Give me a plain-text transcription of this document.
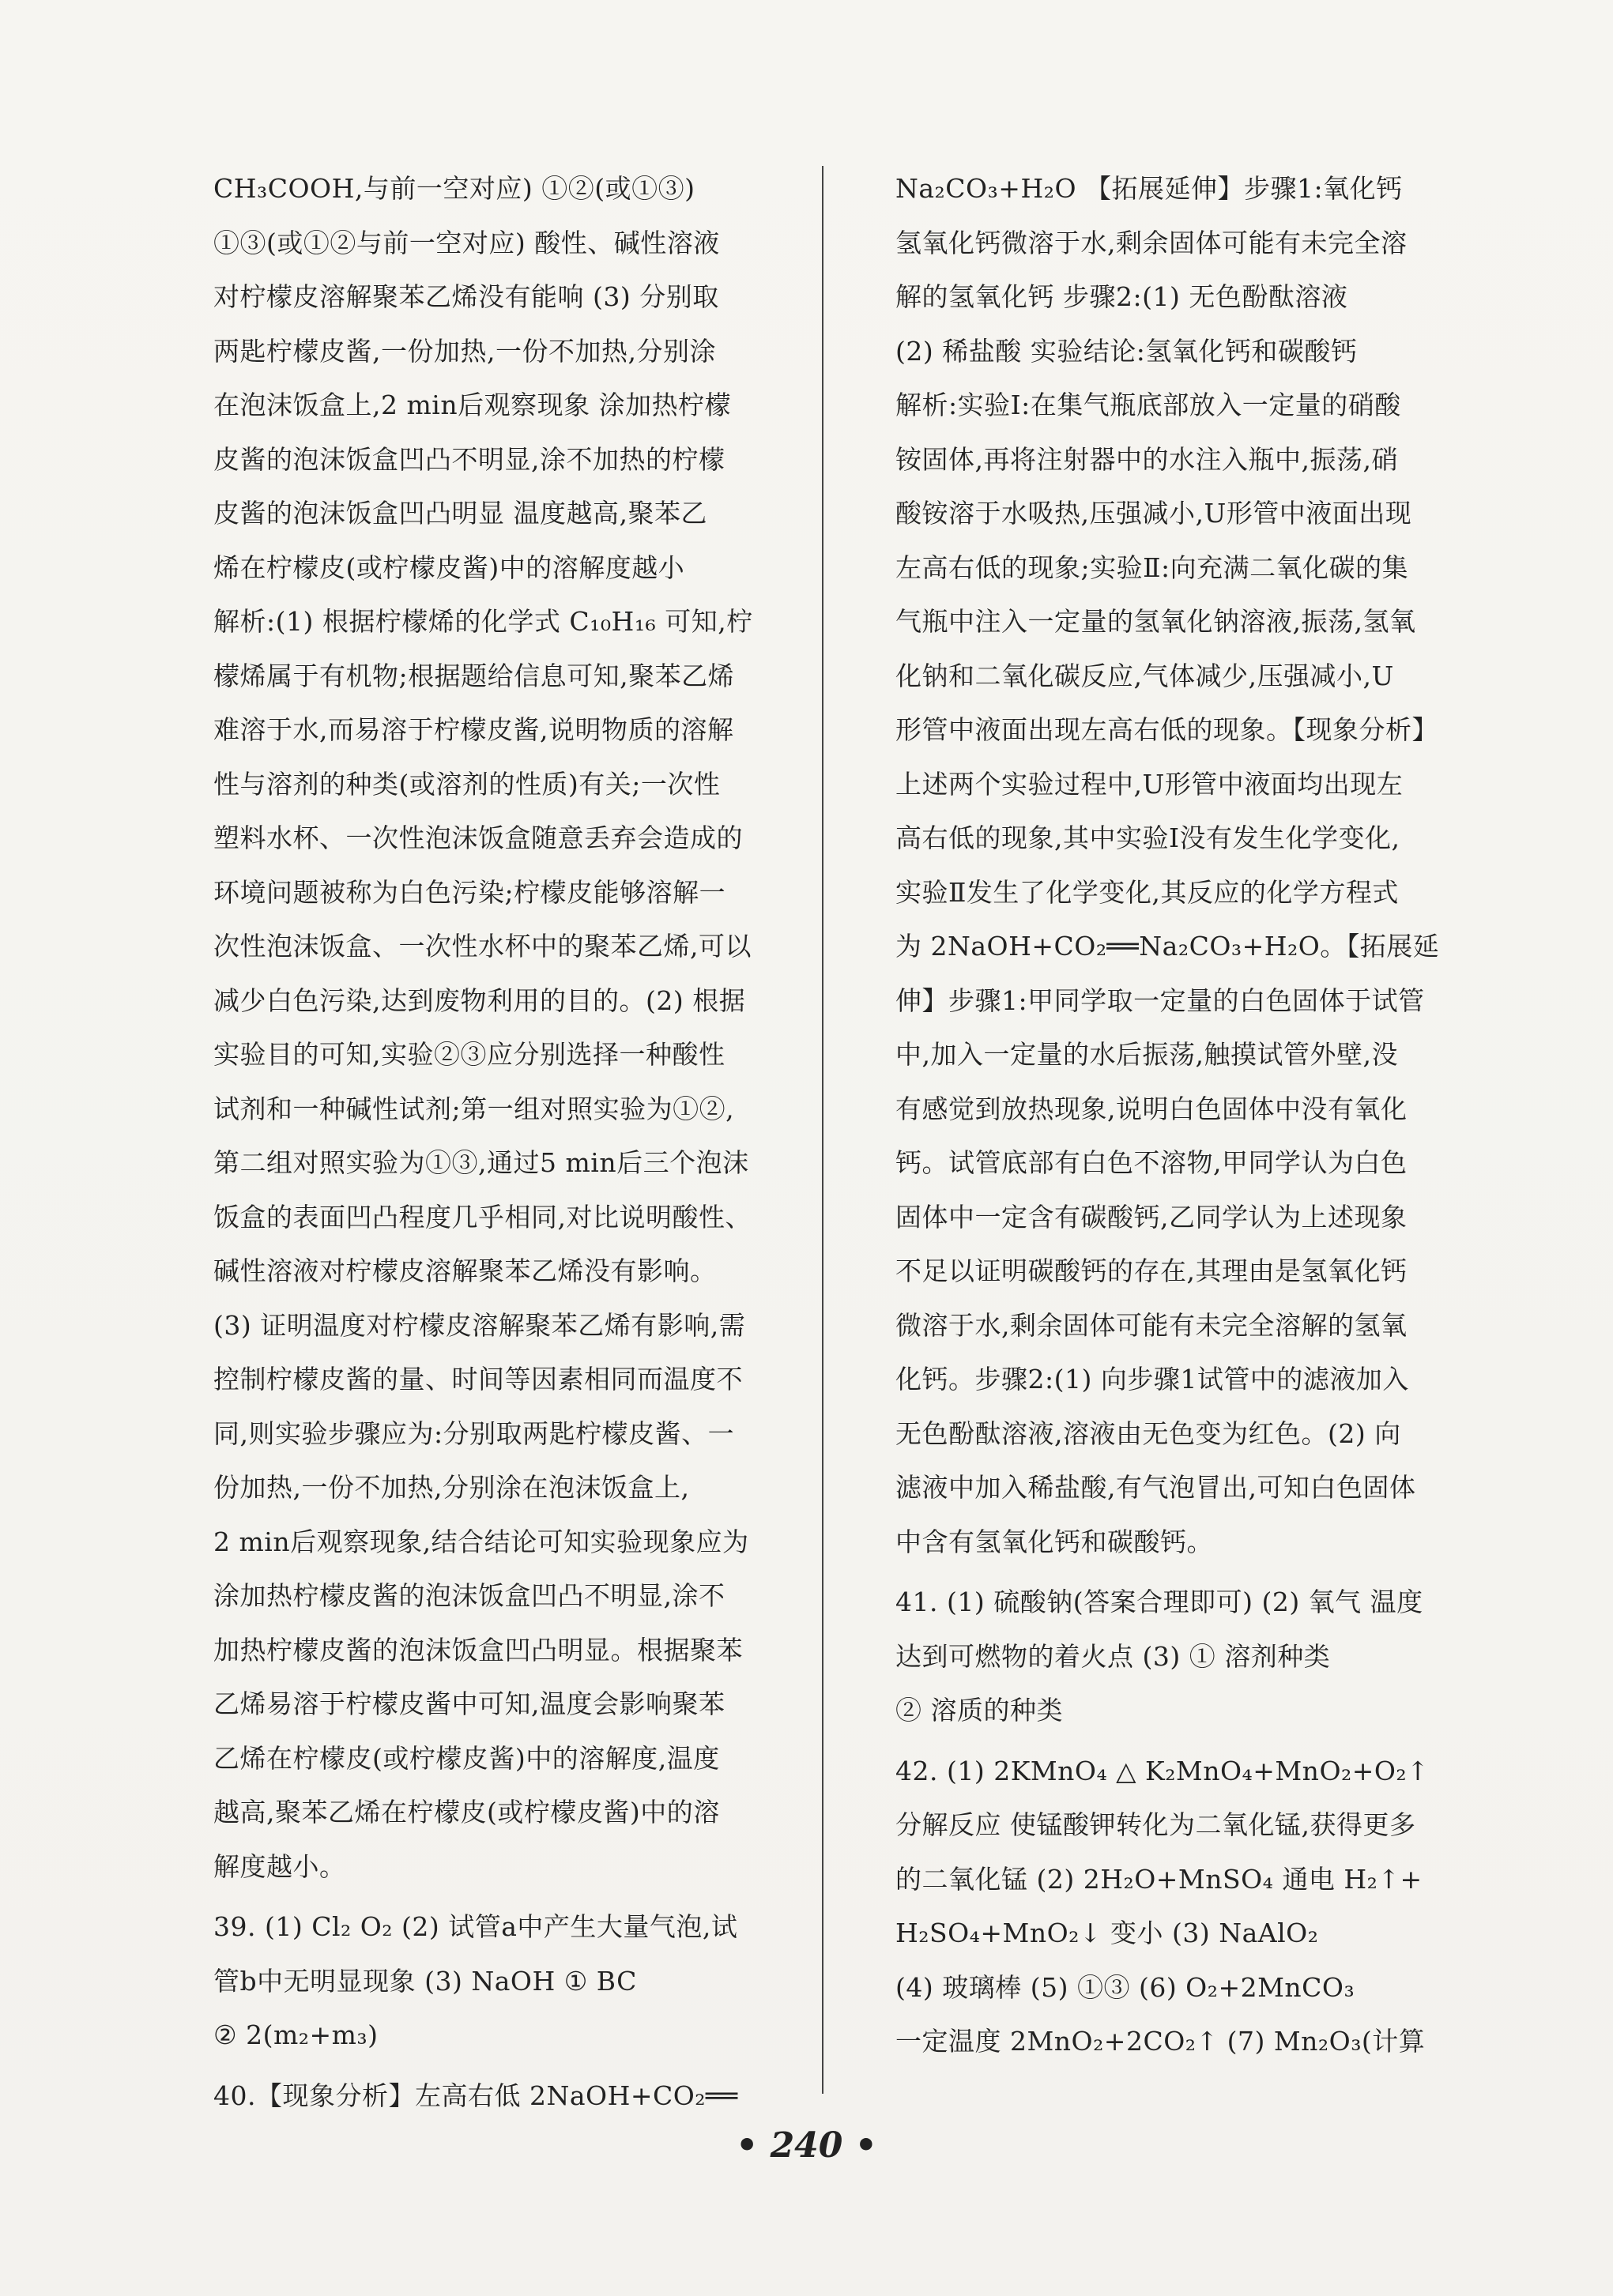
CH₃COOH,与前一空对应) ①②(或①③)

①③(或①②与前一空对应) 酸性、碱性溶液

对柠檬皮溶解聚苯乙烯没有能响 (3) 分别取

两匙柠檬皮酱,一份加热,一份不加热,分别涂

在泡沫饭盒上,2 min后观察现象 涂加热柠檬

皮酱的泡沫饭盒凹凸不明显,涂不加热的柠檬

皮酱的泡沫饭盒凹凸明显 温度越高,聚苯乙

烯在柠檬皮(或柠檬皮酱)中的溶解度越小

解析:(1) 根据柠檬烯的化学式 C₁₀H₁₆ 可知,柠

檬烯属于有机物;根据题给信息可知,聚苯乙烯

难溶于水,而易溶于柠檬皮酱,说明物质的溶解

性与溶剂的种类(或溶剂的性质)有关;一次性

塑料水杯、一次性泡沫饭盒随意丢弃会造成的

环境问题被称为白色污染;柠檬皮能够溶解一

次性泡沫饭盒、一次性水杯中的聚苯乙烯,可以

减少白色污染,达到废物利用的目的。(2) 根据

实验目的可知,实验②③应分别选择一种酸性

试剂和一种碱性试剂;第一组对照实验为①②,

第二组对照实验为①③,通过5 min后三个泡沫

饭盒的表面凹凸程度几乎相同,对比说明酸性、

碱性溶液对柠檬皮溶解聚苯乙烯没有影响。

(3) 证明温度对柠檬皮溶解聚苯乙烯有影响,需

控制柠檬皮酱的量、时间等因素相同而温度不

同,则实验步骤应为:分别取两匙柠檬皮酱、一

份加热,一份不加热,分别涂在泡沫饭盒上,

2 min后观察现象,结合结论可知实验现象应为

涂加热柠檬皮酱的泡沫饭盒凹凸不明显,涂不

加热柠檬皮酱的泡沫饭盒凹凸明显。根据聚苯

乙烯易溶于柠檬皮酱中可知,温度会影响聚苯

乙烯在柠檬皮(或柠檬皮酱)中的溶解度,温度

越高,聚苯乙烯在柠檬皮(或柠檬皮酱)中的溶

解度越小。

39. (1) Cl₂ O₂ (2) 试管a中产生大量气泡,试

管b中无明显现象 (3) NaOH ① BC

② 2(m₂+m₃)

40.【现象分析】左高右低 2NaOH+CO₂══

Na₂CO₃+H₂O 【拓展延伸】步骤1:氧化钙

氢氧化钙微溶于水,剩余固体可能有未完全溶

解的氢氧化钙 步骤2:(1) 无色酚酞溶液

(2) 稀盐酸 实验结论:氢氧化钙和碳酸钙

解析:实验Ⅰ:在集气瓶底部放入一定量的硝酸

铵固体,再将注射器中的水注入瓶中,振荡,硝

酸铵溶于水吸热,压强减小,U形管中液面出现

左高右低的现象;实验Ⅱ:向充满二氧化碳的集

气瓶中注入一定量的氢氧化钠溶液,振荡,氢氧

化钠和二氧化碳反应,气体减少,压强减小,U

形管中液面出现左高右低的现象。【现象分析】

上述两个实验过程中,U形管中液面均出现左

高右低的现象,其中实验Ⅰ没有发生化学变化,

实验Ⅱ发生了化学变化,其反应的化学方程式

为 2NaOH+CO₂══Na₂CO₃+H₂O。【拓展延

伸】步骤1:甲同学取一定量的白色固体于试管

中,加入一定量的水后振荡,触摸试管外壁,没

有感觉到放热现象,说明白色固体中没有氧化

钙。试管底部有白色不溶物,甲同学认为白色

固体中一定含有碳酸钙,乙同学认为上述现象

不足以证明碳酸钙的存在,其理由是氢氧化钙

微溶于水,剩余固体可能有未完全溶解的氢氧

化钙。步骤2:(1) 向步骤1试管中的滤液加入

无色酚酞溶液,溶液由无色变为红色。(2) 向

滤液中加入稀盐酸,有气泡冒出,可知白色固体

中含有氢氧化钙和碳酸钙。

41. (1) 硫酸钠(答案合理即可) (2) 氧气 温度

达到可燃物的着火点 (3) ① 溶剂种类

② 溶质的种类

42. (1) 2KMnO₄ △ K₂MnO₄+MnO₂+O₂↑

分解反应 使锰酸钾转化为二氧化锰,获得更多

的二氧化锰 (2) 2H₂O+MnSO₄ 通电 H₂↑+

H₂SO₄+MnO₂↓ 变小 (3) NaAlO₂

(4) 玻璃棒 (5) ①③ (6) O₂+2MnCO₃

一定温度 2MnO₂+2CO₂↑ (7) Mn₂O₃(计算

• 240 •
